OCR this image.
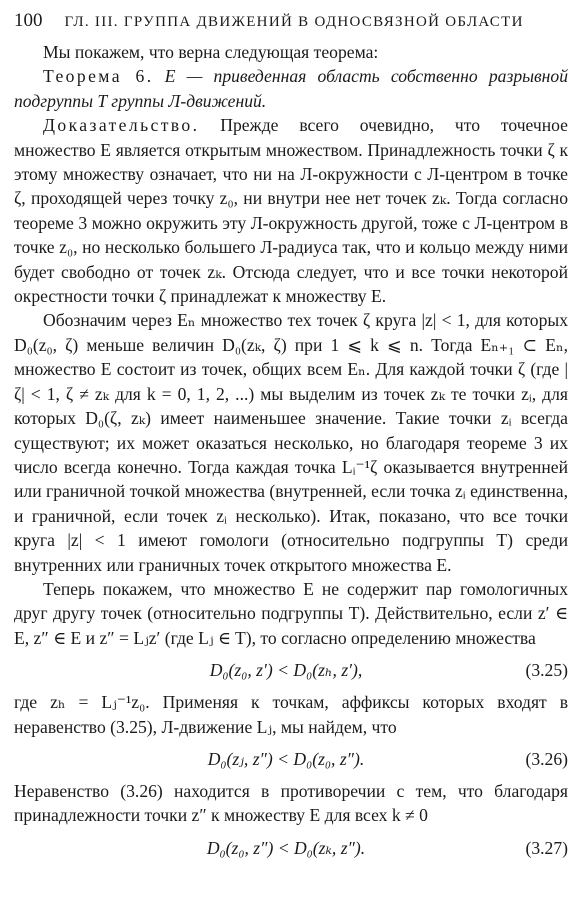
100 ГЛ. III. ГРУППА ДВИЖЕНИЙ В ОДНОСВЯЗНОЙ ОБЛАСТИ

Мы покажем, что верна следующая теорема:

Теорема 6. E — приведенная область собственно разрывной подгруппы T группы Л-движений.

Доказательство. Прежде всего очевидно, что точечное множество E является открытым множеством. Принадлежность точки ζ к этому множеству означает, что ни на Л-окружности с Л-центром в точке ζ, проходящей через точку z₀, ни внутри нее нет точек zₖ. Тогда согласно теореме 3 можно окружить эту Л-окружность другой, тоже с Л-центром в точке z₀, но несколько большего Л-радиуса так, что и кольцо между ними будет свободно от точек zₖ. Отсюда следует, что и все точки некоторой окрестности точки ζ принадлежат к множеству E.

Обозначим через Eₙ множество тех точек ζ круга |z| < 1, для которых D₀(z₀, ζ) меньше величин D₀(zₖ, ζ) при 1 ⩽ k ⩽ n. Тогда Eₙ₊₁ ⊂ Eₙ, множество E состоит из точек, общих всем Eₙ. Для каждой точки ζ (где |ζ| < 1, ζ ≠ zₖ для k = 0, 1, 2, ...) мы выделим из точек zₖ те точки zᵢ, для которых D₀(ζ, zₖ) имеет наименьшее значение. Такие точки zᵢ всегда существуют; их может оказаться несколько, но благодаря теореме 3 их число всегда конечно. Тогда каждая точка Lᵢ⁻¹ζ оказывается внутренней или граничной точкой множества (внутренней, если точка zᵢ единственна, и граничной, если точек zᵢ несколько). Итак, показано, что все точки круга |z| < 1 имеют гомологи (относительно подгруппы T) среди внутренних или граничных точек открытого множества E.

Теперь покажем, что множество E не содержит пар гомологичных друг другу точек (относительно подгруппы T). Действительно, если z′ ∈ E, z″ ∈ E и z″ = Lⱼz′ (где Lⱼ ∈ T), то согласно определению множества

D₀(z₀, z′) < D₀(zₕ, z′),	(3.25)

где zₕ = Lⱼ⁻¹z₀. Применяя к точкам, аффиксы которых входят в неравенство (3.25), Л-движение Lⱼ, мы найдем, что

D₀(zⱼ, z″) < D₀(z₀, z″).	(3.26)

Неравенство (3.26) находится в противоречии с тем, что благодаря принадлежности точки z″ к множеству E для всех k ≠ 0

D₀(z₀, z″) < D₀(zₖ, z″).	(3.27)
